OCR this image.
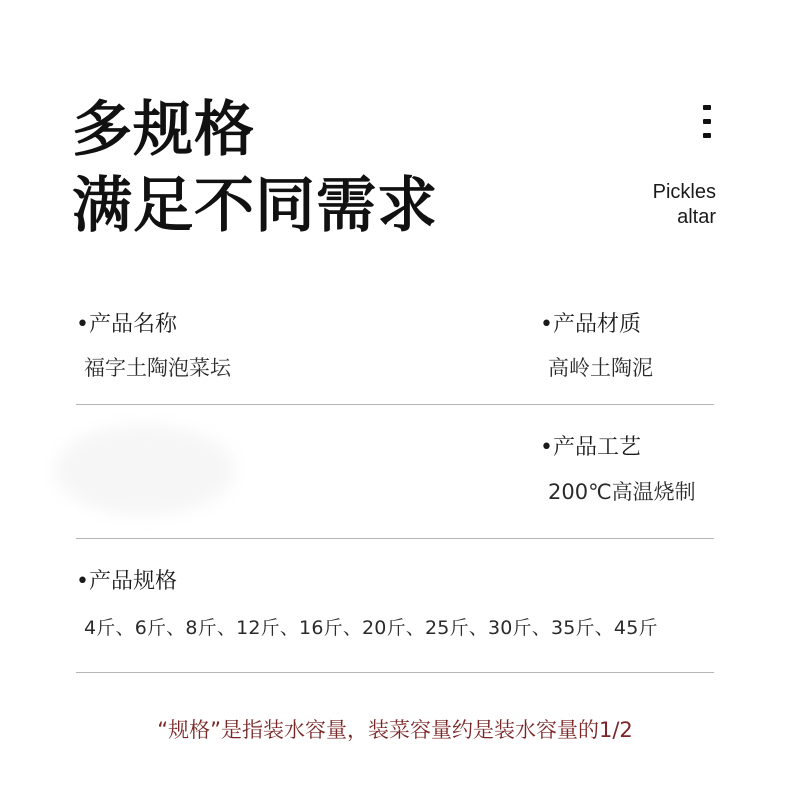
多规格
满足不同需求	Pickles
altar
•产品名称
福字土陶泡菜坛
•产品材质
高岭土陶泥
•产品工艺
200℃高温烧制
•产品规格
4斤、6斤、8斤、12斤、16斤、20斤、25斤、30斤、35斤、45斤
“规格”是指装水容量，装菜容量约是装水容量的1/2
